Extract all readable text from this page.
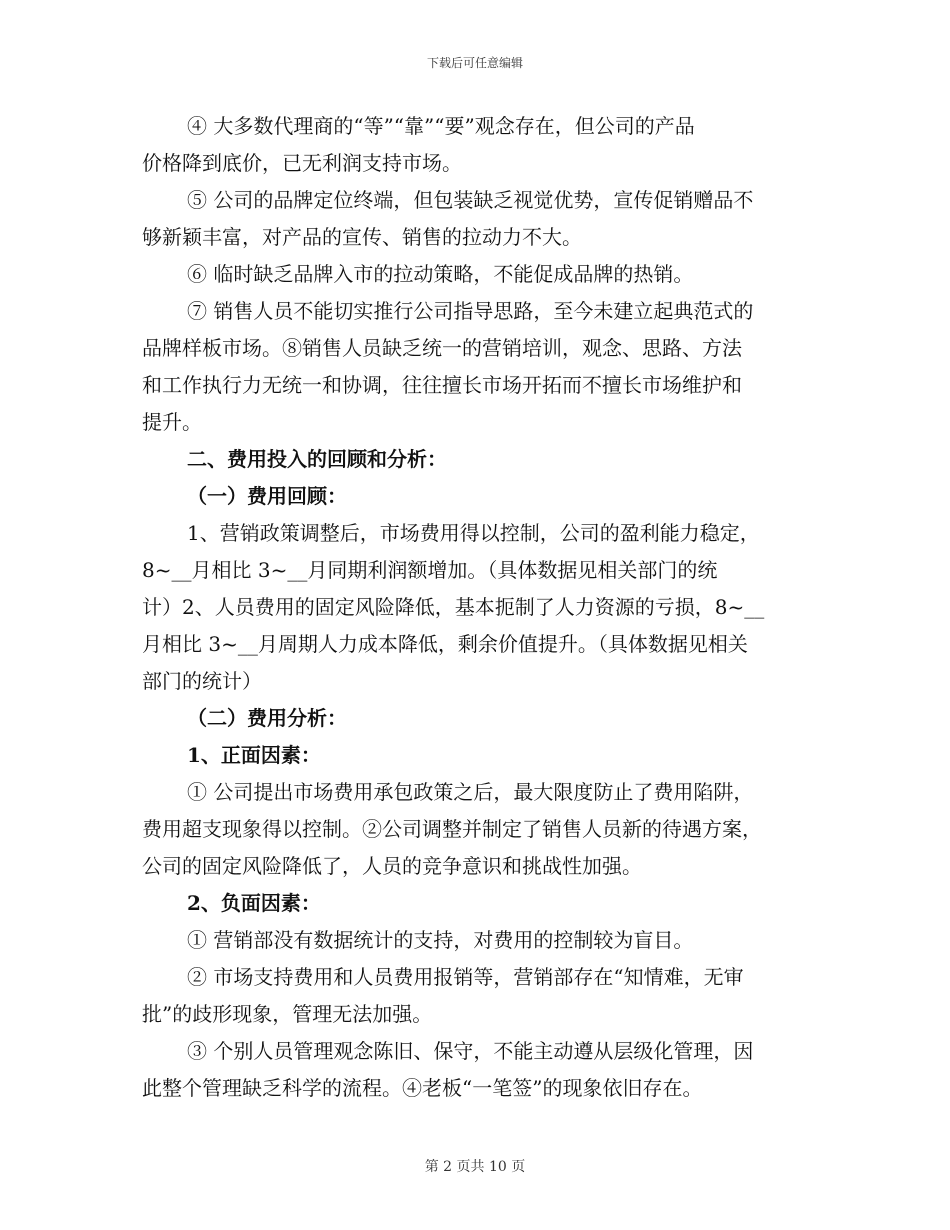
下载后可任意编辑
④ 大多数代理商的“等”“靠”“要”观念存在，但公司的产品
价格降到底价，已无利润支持市场。
⑤ 公司的品牌定位终端，但包装缺乏视觉优势，宣传促销赠品不
够新颖丰富，对产品的宣传、销售的拉动力不大。
⑥ 临时缺乏品牌入市的拉动策略，不能促成品牌的热销。
⑦ 销售人员不能切实推行公司指导思路，至今未建立起典范式的
品牌样板市场。⑧销售人员缺乏统一的营销培训，观念、思路、方法
和工作执行力无统一和协调，往往擅长市场开拓而不擅长市场维护和
提升。
二、费用投入的回顾和分析：
（一）费用回顾：
1、营销政策调整后，市场费用得以控制，公司的盈利能力稳定，
8~__月相比 3~__月同期利润额增加。（具体数据见相关部门的统
计）2、人员费用的固定风险降低，基本扼制了人力资源的亏损，8~__
月相比 3~__月周期人力成本降低，剩余价值提升。（具体数据见相关
部门的统计）
（二）费用分析：
1、正面因素：
① 公司提出市场费用承包政策之后，最大限度防止了费用陷阱，
费用超支现象得以控制。②公司调整并制定了销售人员新的待遇方案，
公司的固定风险降低了，人员的竞争意识和挑战性加强。
2、负面因素：
① 营销部没有数据统计的支持，对费用的控制较为盲目。
② 市场支持费用和人员费用报销等，营销部存在“知情难，无审
批”的歧形现象，管理无法加强。
③ 个别人员管理观念陈旧、保守，不能主动遵从层级化管理，因
此整个管理缺乏科学的流程。④老板“一笔签”的现象依旧存在。
第 2 页共 10 页
